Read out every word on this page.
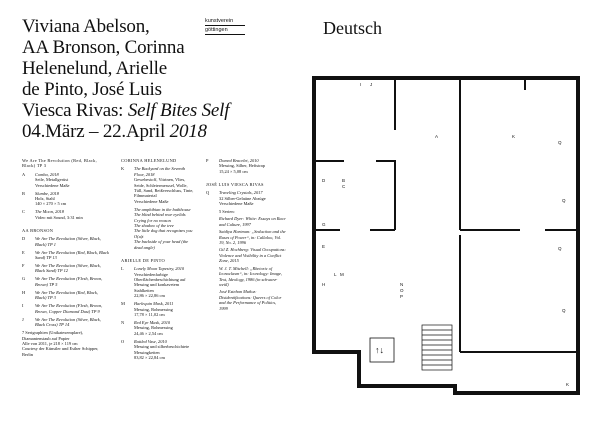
Viviana Abelson,
AA Bronson, Corinna
Helenelund, Arielle
de Pinto, José Luis
Viesca Rivas: Self Bites Self
04.März – 22.April 2018
kunstverein
göttingen	Deutsch
We Are The Revolution (Red, Black, Black) TP 3
A	Comba, 2018
Seile, Metallgerüst
Verschiedene Maße
B	Slumbe, 2018
Holz, Stahl
140 × 270 × 5 cm
C	The Moon, 2018
Video mit Sound, 3:31 min
AA BRONSON
D	We Are The Revolution (Silver, Black, Black) TP 1
E	We Are The Revolution (Red, Black, Black Sand) TP 13
F	We Are The Revolution (Silver, Black, Black Sand) TP 12
G	We Are The Revolution (Flesh, Brown, Brown) TP 5
H	We Are The Revolution (Red, Black, Black) TP 3
I	We Are The Revolution (Flesh, Brown, Brown, Copper Diamond Dust) TP 9
J	We Are The Revolution (Silver, Black, Black Cross) TP 14
7 Serigraphien (Unikatexemplare), Diamantenstaub auf Papier
Alle von 2011, je 218 × 119 cm
Courtesy der Künstler und Esther Schipper, Berlin
CORINNA HELENELUND
K	The Backyard on the Seventh Floor, 2018
Gewebestoff, Vitrinen, Vlies, Seide, Schleiermesssel, Wolle, Tüll, Sand, Reißverschluss, Tinte, Filmmaterial
Verschiedene Maße
The amphibian in the bathhouse
The blind behind rear eyelids
Crying for no reason
The shadow of the tree
The little dog that recognizes you
O(u)t
The backside of your head (the dead angle)
ARIELLE DE PINTO
L	Lonely Moon Tapestry, 2010
Verschiedenfarbige Oberflächenbeschichtung auf Messing und konkavetem Stahlketten
22,86 × 22,86 cm
M	Harlequin Mask, 2011
Messing, Rohmessing
17,78 × 11,02 cm
N	Red Eye Mask, 2010
Messing, Rohmessing
24,46 × 2,54 cm
O	Rattled Vase, 2010
Messing und silberbeschichtete Messingketten
83,82 × 22,84 cm
P	Domed Bracelet, 2010
Messing, Silber, Heftstrap
15,24 × 5,08 cm
JOSÉ LUIS VIESCA RIVAS
Q	Traveling Crystals, 2017
32 Silber-Gelatine Abzüge
Verschiedene Maße
5 Serien:
Richard Dyer: White: Essays on Race and Culture, 1997
Saidiya Hartman: „Seduction and the Ruses of Power“, in: Callaloo, Vol. 19, No. 2, 1996
Gil Z. Hochberg: Visual Occupations: Violence and Visibility in a Conflict Zone, 2015
W. J. T. Mitchell: „Rhetoric of Iconoclasm“, in: Iconology: Image, Text, Ideology, 1986 (in schwarz-weiß)
José Esteban Muñoz: Disidentifications: Queers of Color and the Performance of Politics, 1999
↑↓
I J
A
D	B
C
G
E
H
L M
N
O
P
K
Q
Q
Q
Q
K
